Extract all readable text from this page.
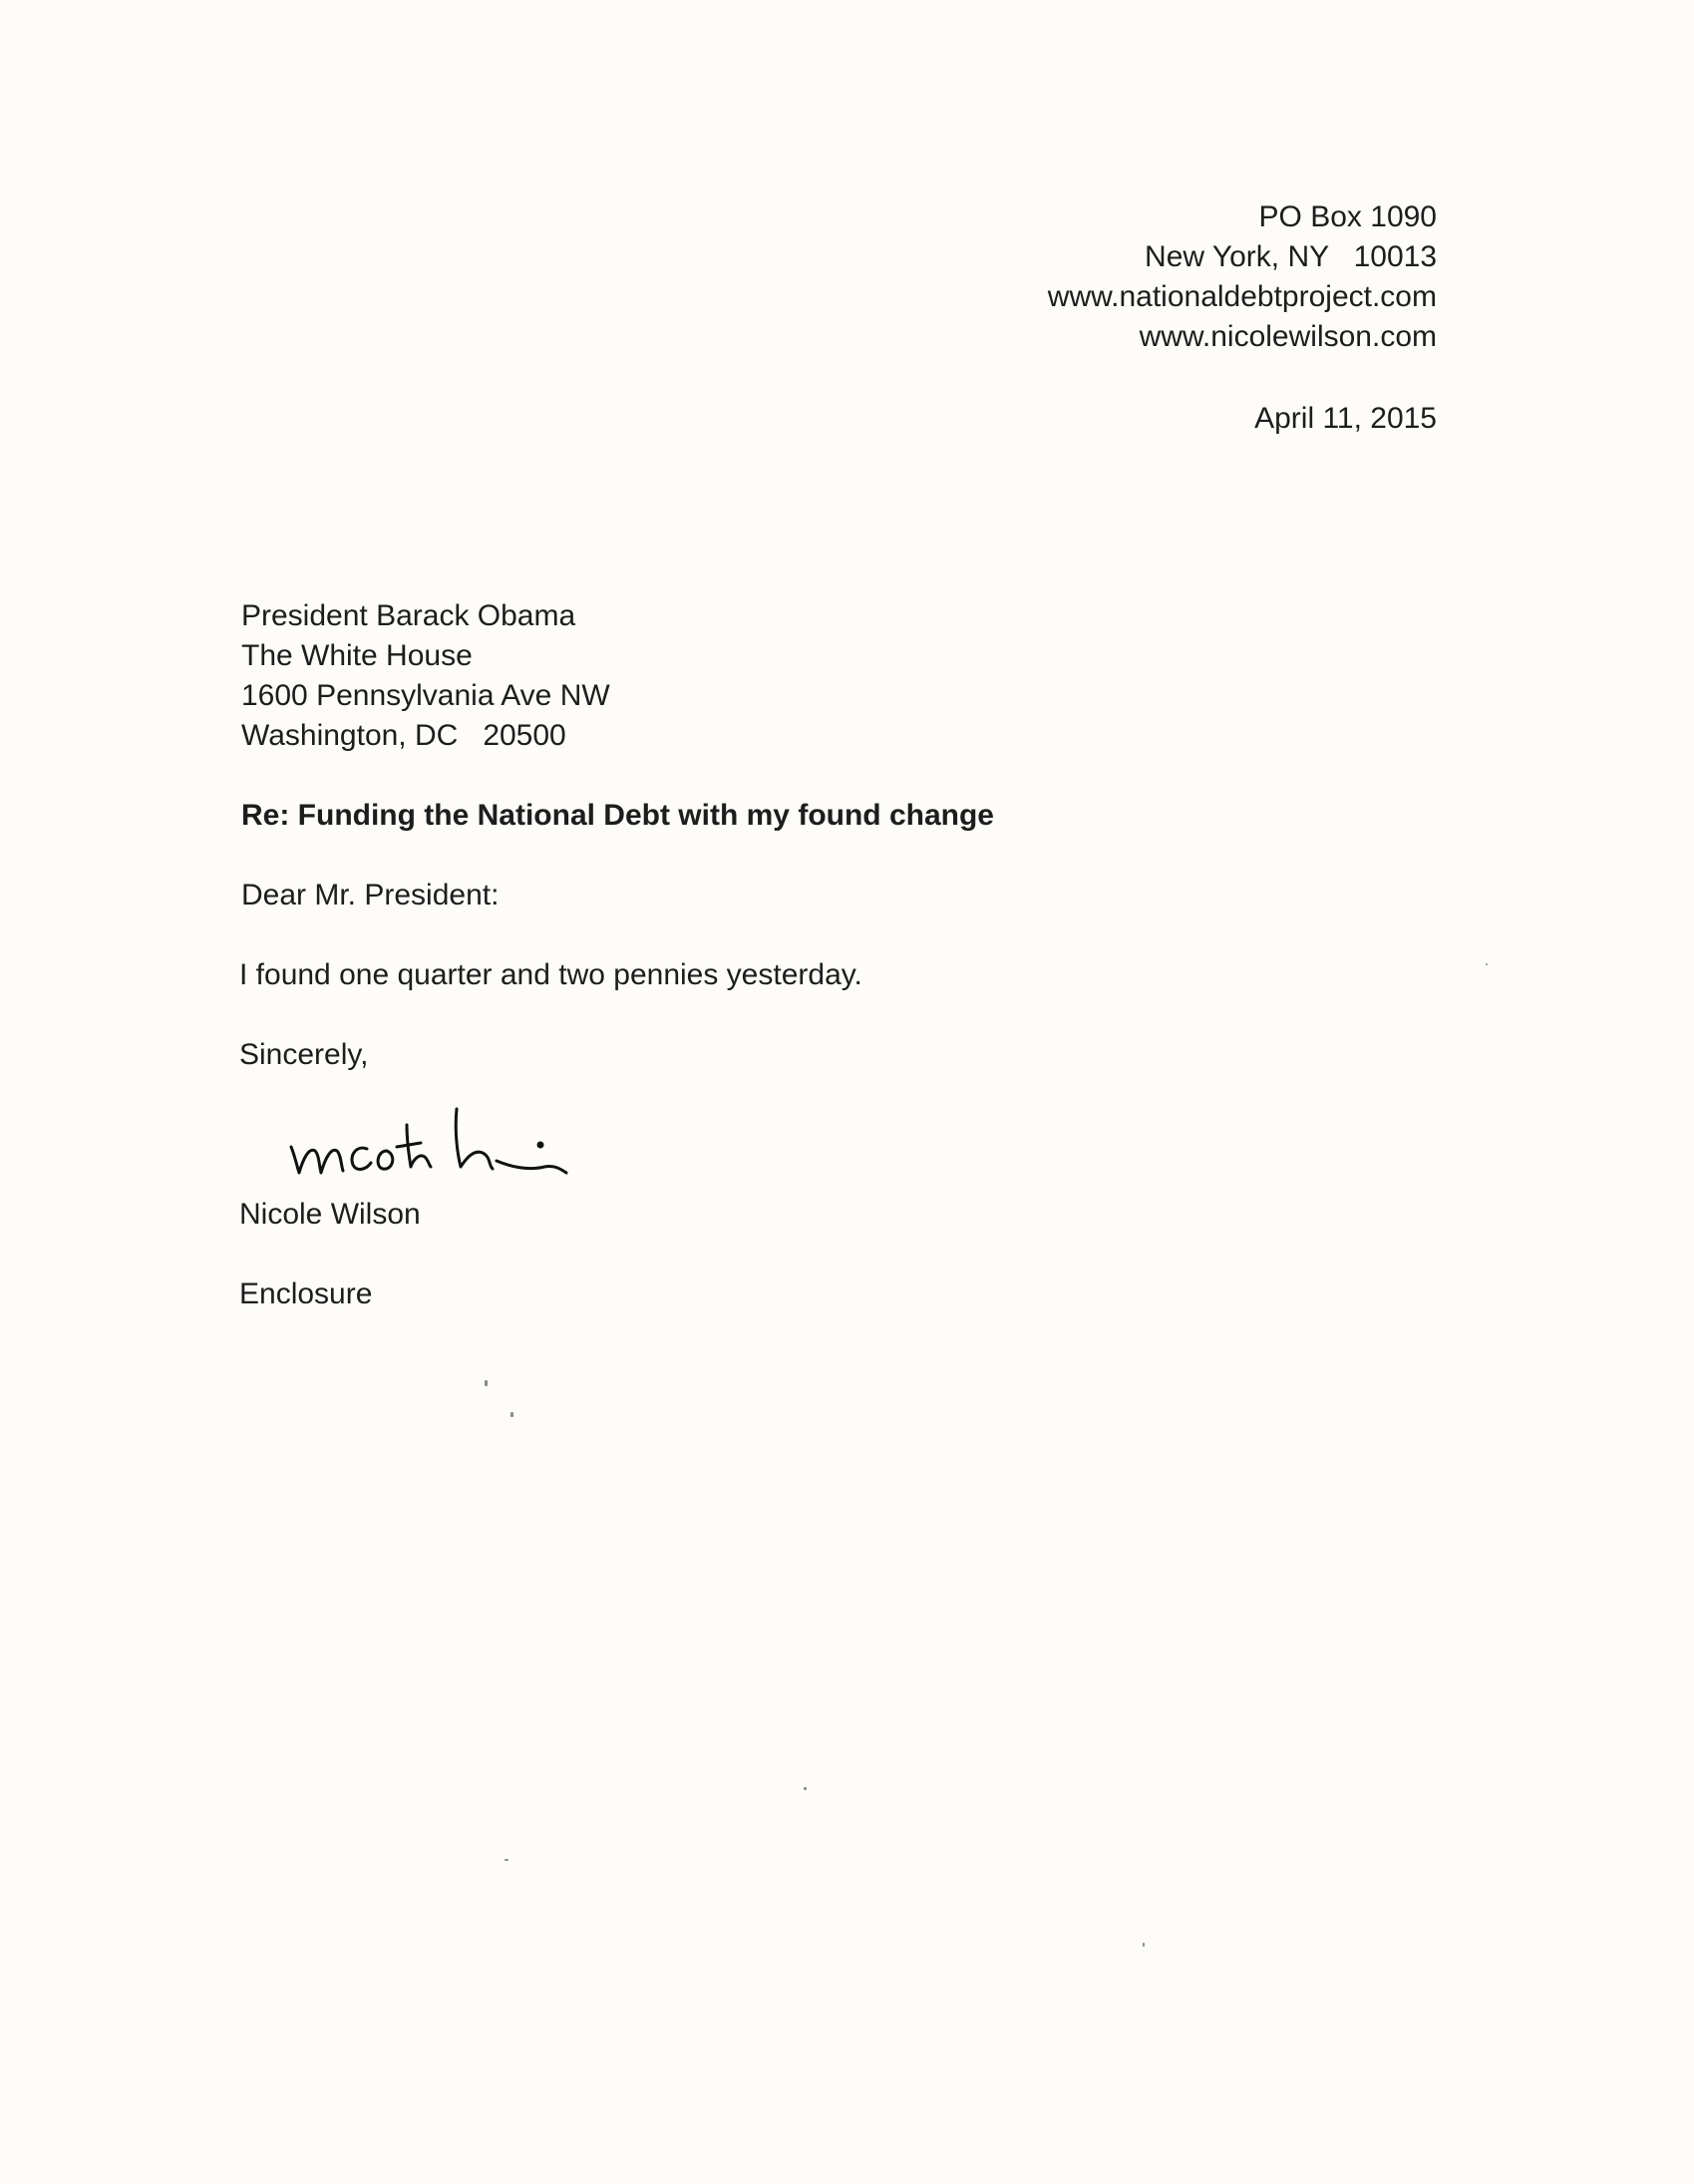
PO Box 1090
New York, NY   10013
www.nationaldebtproject.com
www.nicolewilson.com
April 11, 2015
President Barack Obama
The White House
1600 Pennsylvania Ave NW
Washington, DC   20500
Re: Funding the National Debt with my found change
Dear Mr. President:
I found one quarter and two pennies yesterday.
Sincerely,
Nicole Wilson
Enclosure
